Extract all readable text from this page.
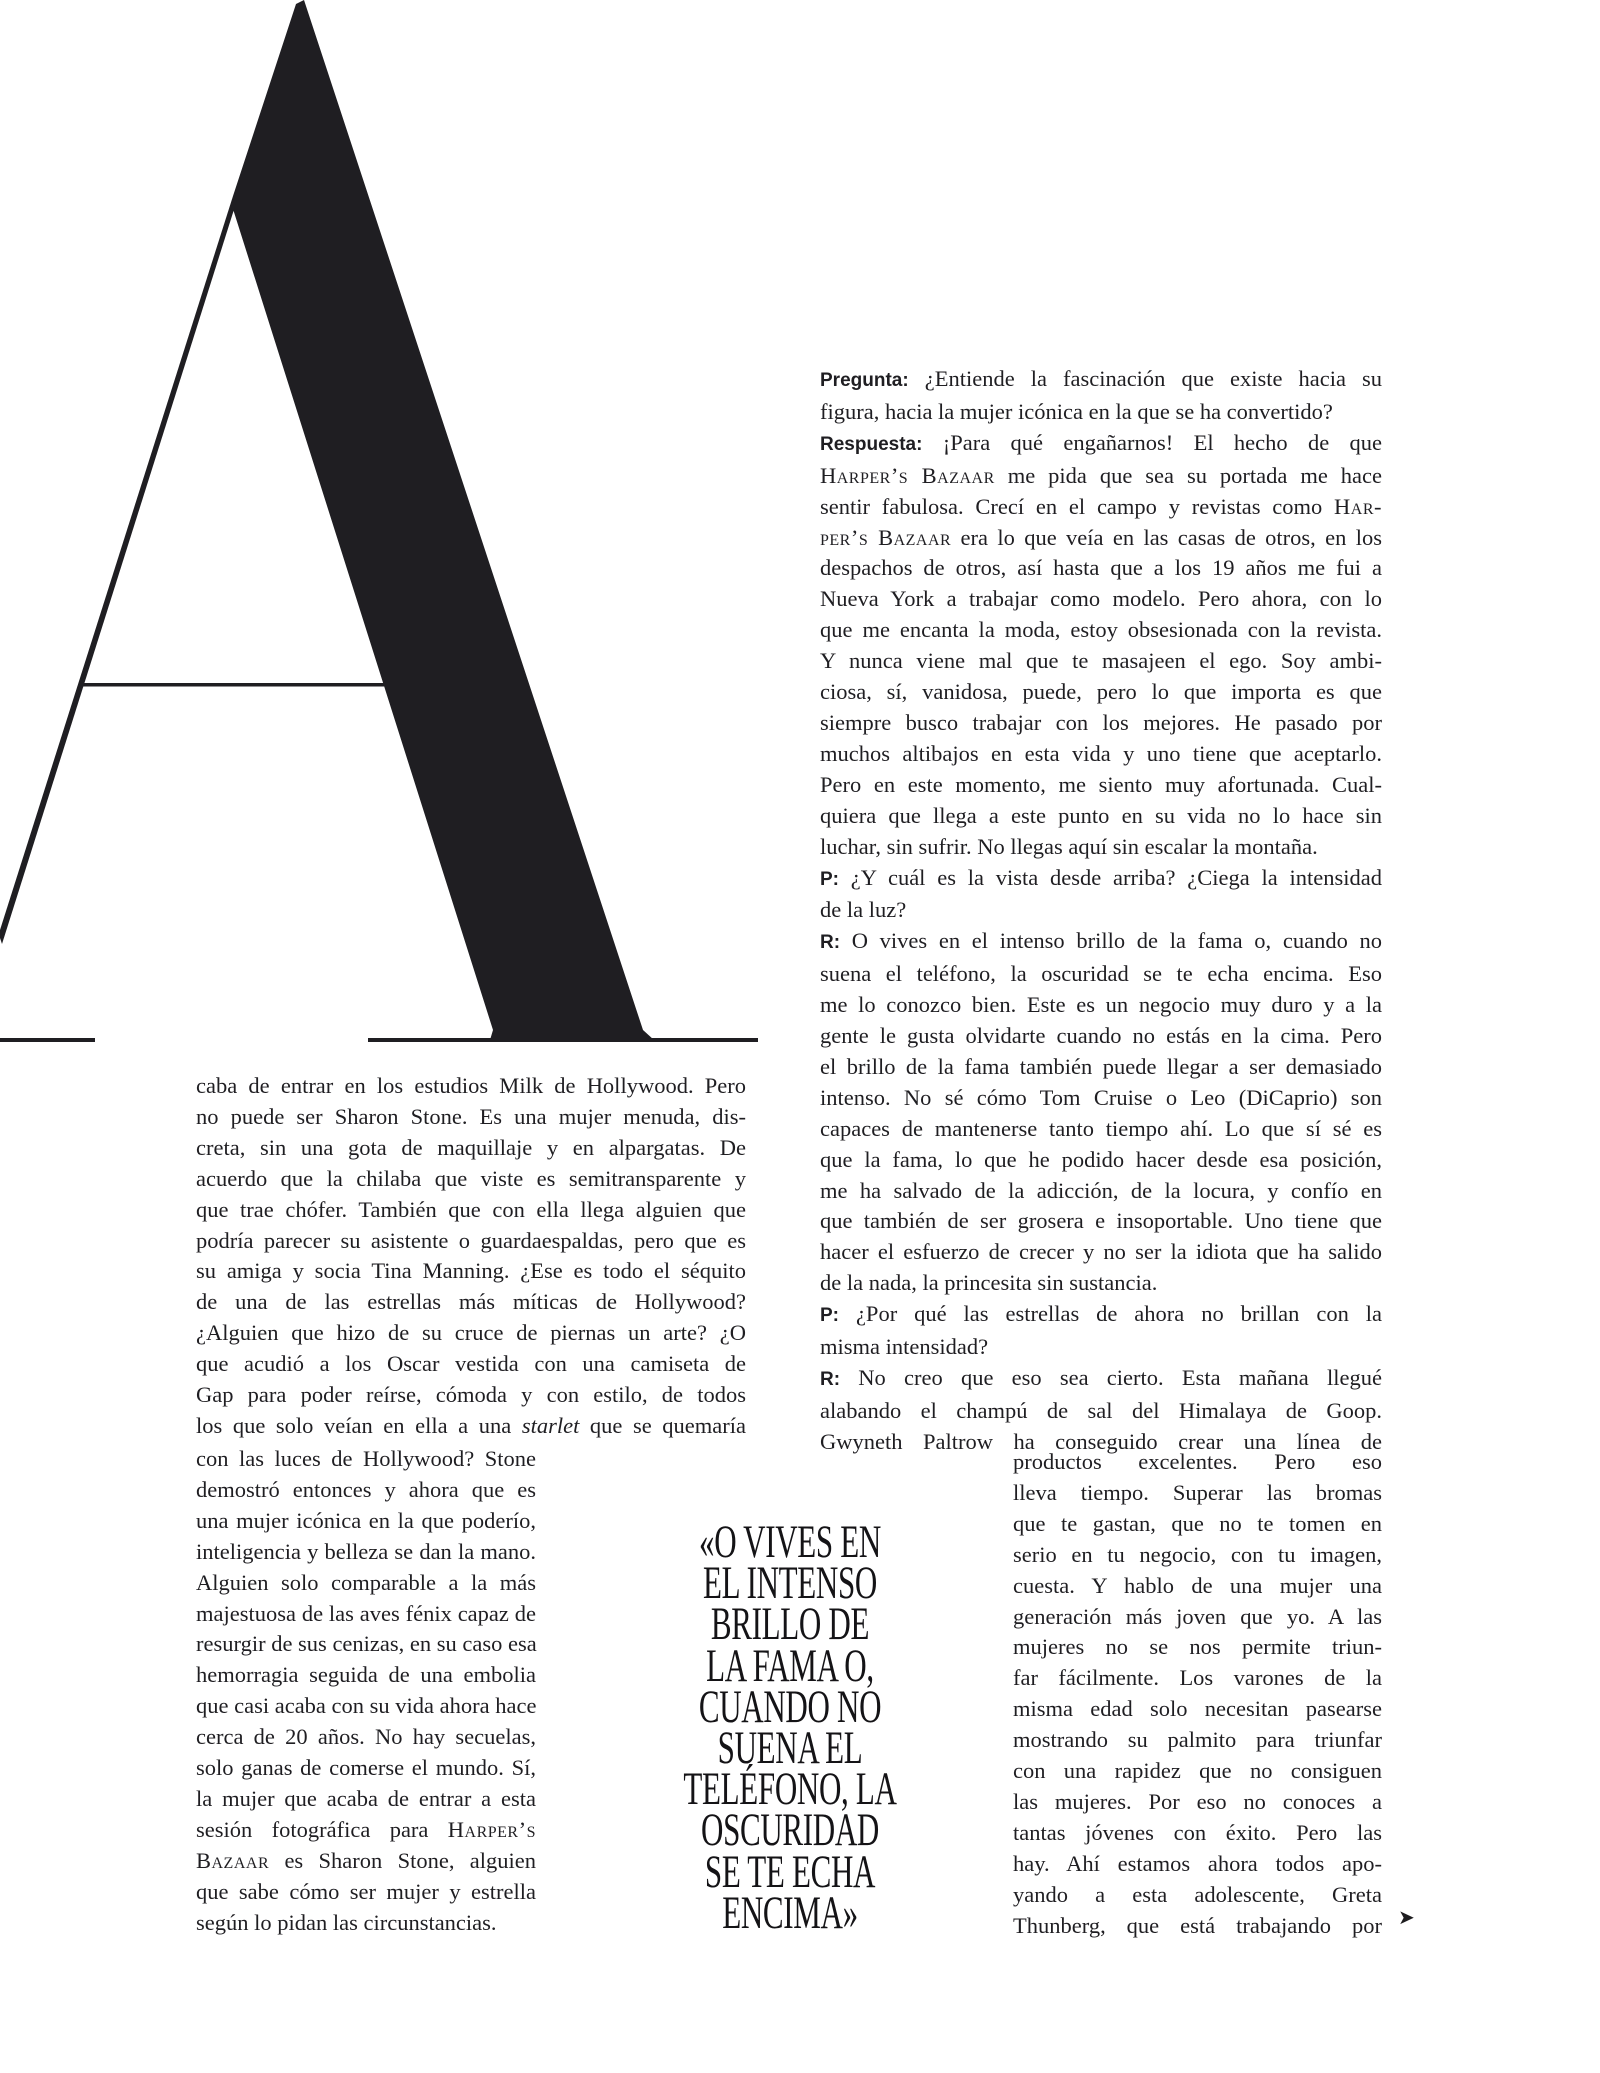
Pregunta: ¿Entiende la fascinación que existe hacia su
figura, hacia la mujer icónica en la que se ha convertido?
Respuesta: ¡Para qué engañarnos! El hecho de que
Harper’s Bazaar me pida que sea su portada me hace
sentir fabulosa. Crecí en el campo y revistas como Har-
per’s Bazaar era lo que veía en las casas de otros, en los
despachos de otros, así hasta que a los 19 años me fui a
Nueva York a trabajar como modelo. Pero ahora, con lo
que me encanta la moda, estoy obsesionada con la revista.
Y nunca viene mal que te masajeen el ego. Soy ambi-
ciosa, sí, vanidosa, puede, pero lo que importa es que
siempre busco trabajar con los mejores. He pasado por
muchos altibajos en esta vida y uno tiene que aceptarlo.
Pero en este momento, me siento muy afortunada. Cual-
quiera que llega a este punto en su vida no lo hace sin
luchar, sin sufrir. No llegas aquí sin escalar la montaña.
P: ¿Y cuál es la vista desde arriba? ¿Ciega la intensidad
de la luz?
R: O vives en el intenso brillo de la fama o, cuando no
suena el teléfono, la oscuridad se te echa encima. Eso
me lo conozco bien. Este es un negocio muy duro y a la
gente le gusta olvidarte cuando no estás en la cima. Pero
el brillo de la fama también puede llegar a ser demasiado
intenso. No sé cómo Tom Cruise o Leo (DiCaprio) son
capaces de mantenerse tanto tiempo ahí. Lo que sí sé es
que la fama, lo que he podido hacer desde esa posición,
me ha salvado de la adicción, de la locura, y confío en
que también de ser grosera e insoportable. Uno tiene que
hacer el esfuerzo de crecer y no ser la idiota que ha salido
de la nada, la princesita sin sustancia.
P: ¿Por qué las estrellas de ahora no brillan con la
misma intensidad?
R: No creo que eso sea cierto. Esta mañana llegué
alabando el champú de sal del Himalaya de Goop.
Gwyneth Paltrow ha conseguido crear una línea de
productos excelentes. Pero eso
lleva tiempo. Superar las bromas
que te gastan, que no te tomen en
serio en tu negocio, con tu imagen,
cuesta. Y hablo de una mujer una
generación más joven que yo. A las
mujeres no se nos permite triun-
far fácilmente. Los varones de la
misma edad solo necesitan pasearse
mostrando su palmito para triunfar
con una rapidez que no consiguen
las mujeres. Por eso no conoces a
tantas jóvenes con éxito. Pero las
hay. Ahí estamos ahora todos apo-
yando a esta adolescente, Greta
Thunberg, que está trabajando por
caba de entrar en los estudios Milk de Hollywood. Pero
no puede ser Sharon Stone. Es una mujer menuda, dis-
creta, sin una gota de maquillaje y en alpargatas. De
acuerdo que la chilaba que viste es semitransparente y
que trae chófer. También que con ella llega alguien que
podría parecer su asistente o guardaespaldas, pero que es
su amiga y socia Tina Manning. ¿Ese es todo el séquito
de una de las estrellas más míticas de Hollywood?
¿Alguien que hizo de su cruce de piernas un arte? ¿O
que acudió a los Oscar vestida con una camiseta de
Gap para poder reírse, cómoda y con estilo, de todos
los que solo veían en ella a una starlet que se quemaría
con las luces de Hollywood? Stone
demostró entonces y ahora que es
una mujer icónica en la que poderío,
inteligencia y belleza se dan la mano.
Alguien solo comparable a la más
majestuosa de las aves fénix capaz de
resurgir de sus cenizas, en su caso esa
hemorragia seguida de una embolia
que casi acaba con su vida ahora hace
cerca de 20 años. No hay secuelas,
solo ganas de comerse el mundo. Sí,
la mujer que acaba de entrar a esta
sesión fotográfica para Harper’s
Bazaar es Sharon Stone, alguien
que sabe cómo ser mujer y estrella
según lo pidan las circunstancias.
«O VIVES EN
EL INTENSO
BRILLO DE
LA FAMA O,
CUANDO NO
SUENA EL
TELÉFONO, LA
OSCURIDAD
SE TE ECHA
ENCIMA»	➤
